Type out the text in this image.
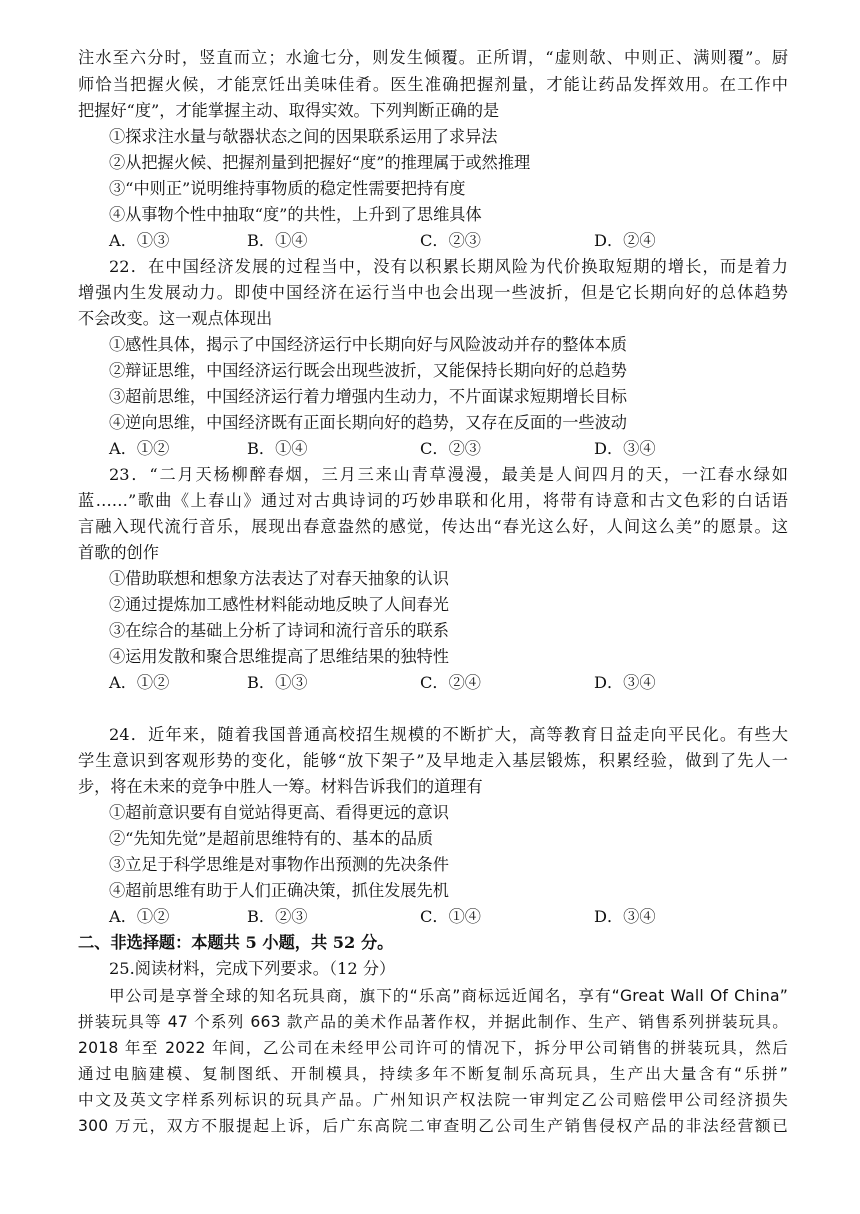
注水至六分时，竖直而立；水逾七分，则发生倾覆。正所谓，“虚则欹、中则正、满则覆”。厨
师恰当把握火候，才能烹饪出美味佳肴。医生准确把握剂量，才能让药品发挥效用。在工作中
把握好“度”，才能掌握主动、取得实效。下列判断正确的是
①探求注水量与欹器状态之间的因果联系运用了求异法
②从把握火候、把握剂量到把握好“度”的推理属于或然推理
③“中则正”说明维持事物质的稳定性需要把持有度
④从事物个性中抽取“度”的共性，上升到了思维具体
A．①③	B．①④	C．②③	D．②④
22．在中国经济发展的过程当中，没有以积累长期风险为代价换取短期的增长，而是着力
增强内生发展动力。即使中国经济在运行当中也会出现一些波折，但是它长期向好的总体趋势
不会改变。这一观点体现出
①感性具体，揭示了中国经济运行中长期向好与风险波动并存的整体本质
②辩证思维，中国经济运行既会出现些波折，又能保持长期向好的总趋势
③超前思维，中国经济运行着力增强内生动力，不片面谋求短期增长目标
④逆向思维，中国经济既有正面长期向好的趋势，又存在反面的一些波动
A．①②	B．①④	C．②③	D．③④
23．“二月天杨柳醉春烟，三月三来山青草漫漫，最美是人间四月的天，一江春水绿如
蓝……”歌曲《上春山》通过对古典诗词的巧妙串联和化用，将带有诗意和古文色彩的白话语
言融入现代流行音乐，展现出春意盎然的感觉，传达出“春光这么好，人间这么美”的愿景。这
首歌的创作
①借助联想和想象方法表达了对春天抽象的认识
②通过提炼加工感性材料能动地反映了人间春光
③在综合的基础上分析了诗词和流行音乐的联系
④运用发散和聚合思维提高了思维结果的独特性
A．①②	B．①③	C．②④	D．③④
24．近年来，随着我国普通高校招生规模的不断扩大，高等教育日益走向平民化。有些大
学生意识到客观形势的变化，能够“放下架子”及早地走入基层锻炼，积累经验，做到了先人一
步，将在未来的竞争中胜人一筹。材料告诉我们的道理有
①超前意识要有自觉站得更高、看得更远的意识
②“先知先觉”是超前思维特有的、基本的品质
③立足于科学思维是对事物作出预测的先决条件
④超前思维有助于人们正确决策，抓住发展先机
A．①②	B．②③	C．①④	D．③④
二、非选择题：本题共 5 小题，共 52 分。
25.阅读材料，完成下列要求。（12 分）
甲公司是享誉全球的知名玩具商，旗下的“乐高”商标远近闻名，享有“Great Wall Of China”
拼装玩具等 47 个系列 663 款产品的美术作品著作权，并据此制作、生产、销售系列拼装玩具。
2018 年至 2022 年间，乙公司在未经甲公司许可的情况下，拆分甲公司销售的拼装玩具，然后
通过电脑建模、复制图纸、开制模具，持续多年不断复制乐高玩具，生产出大量含有“乐拼”
中文及英文字样系列标识的玩具产品。广州知识产权法院一审判定乙公司赔偿甲公司经济损失
300 万元，双方不服提起上诉，后广东高院二审查明乙公司生产销售侵权产品的非法经营额已
